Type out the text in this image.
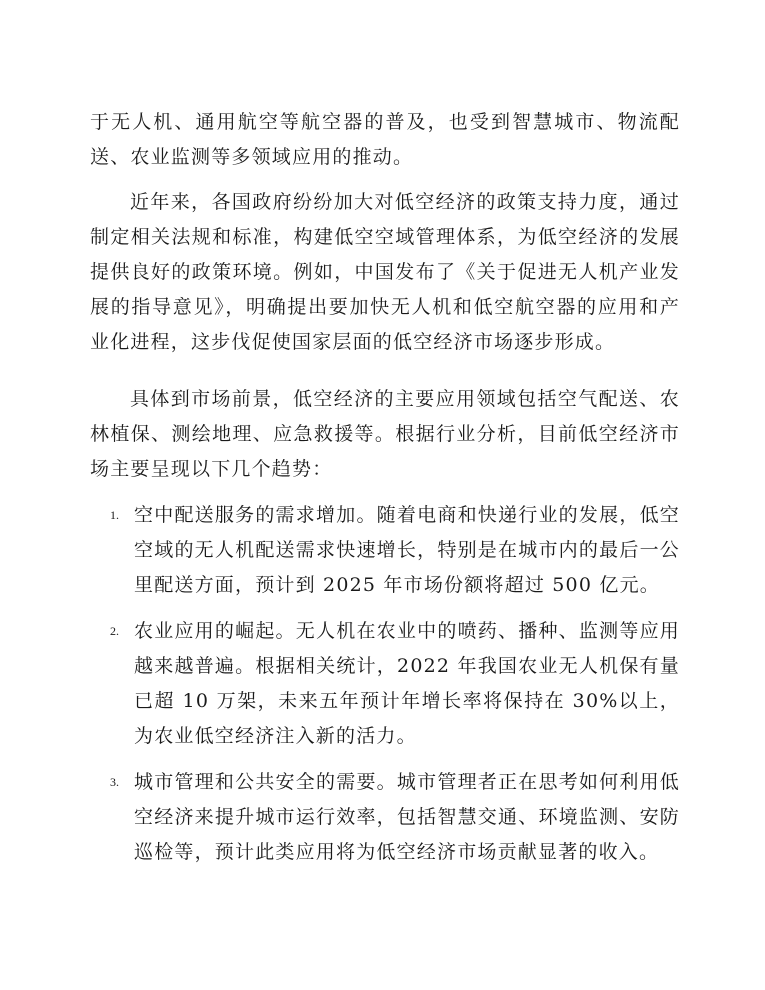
于无人机、通用航空等航空器的普及，也受到智慧城市、物流配送、农业监测等多领域应用的推动。

近年来，各国政府纷纷加大对低空经济的政策支持力度，通过制定相关法规和标准，构建低空空域管理体系，为低空经济的发展提供良好的政策环境。例如，中国发布了《关于促进无人机产业发展的指导意见》，明确提出要加快无人机和低空航空器的应用和产业化进程，这步伐促使国家层面的低空经济市场逐步形成。

具体到市场前景，低空经济的主要应用领域包括空气配送、农林植保、测绘地理、应急救援等。根据行业分析，目前低空经济市场主要呈现以下几个趋势：

1. 空中配送服务的需求增加。随着电商和快递行业的发展，低空空域的无人机配送需求快速增长，特别是在城市内的最后一公里配送方面，预计到 2025 年市场份额将超过 500 亿元。

2. 农业应用的崛起。无人机在农业中的喷药、播种、监测等应用越来越普遍。根据相关统计，2022 年我国农业无人机保有量已超 10 万架，未来五年预计年增长率将保持在 30%以上，为农业低空经济注入新的活力。

3. 城市管理和公共安全的需要。城市管理者正在思考如何利用低空经济来提升城市运行效率，包括智慧交通、环境监测、安防巡检等，预计此类应用将为低空经济市场贡献显著的收入。
